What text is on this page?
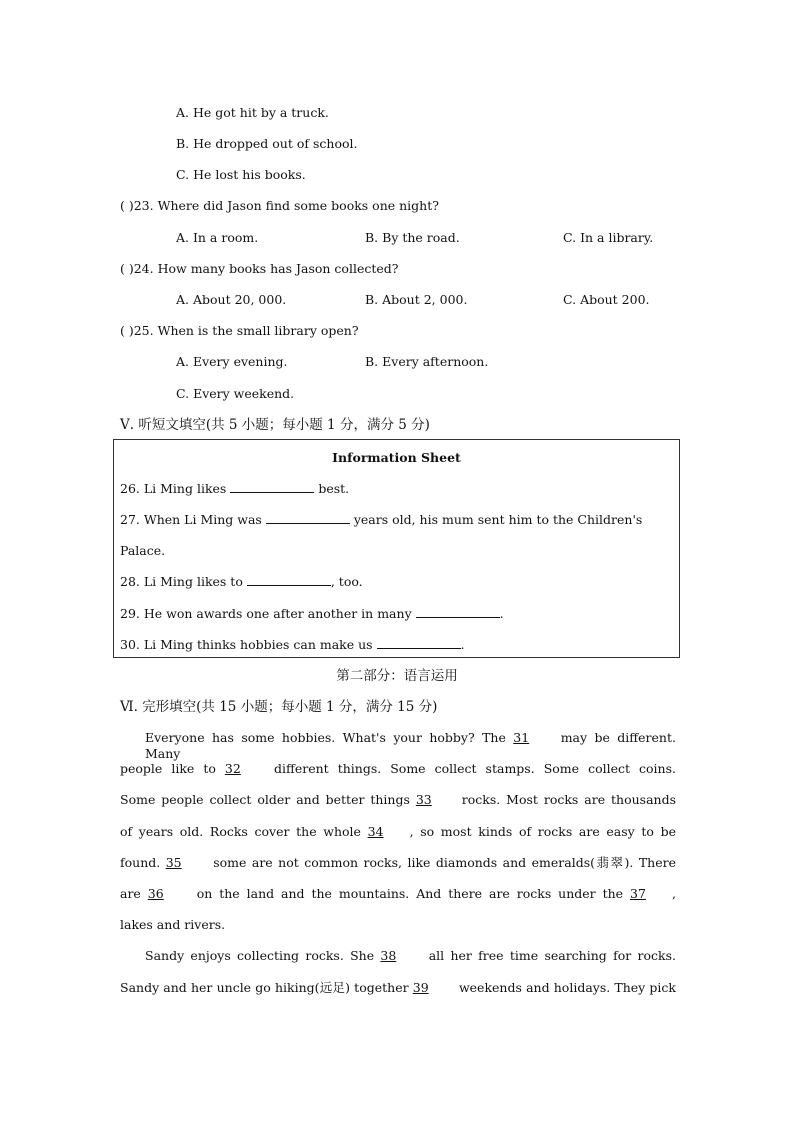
A. He got hit by a truck.
B. He dropped out of school.
C. He lost his books.
( )23. Where did Jason find some books one night?
A. In a room.	B. By the road.	C. In a library.
( )24. How many books has Jason collected?
A. About 20, 000.	B. About 2, 000.	C. About 200.
( )25. When is the small library open?
A. Every evening.	B. Every afternoon.
C. Every weekend.
Ⅴ. 听短文填空(共 5 小题；每小题 1 分，满分 5 分)
Information Sheet
26. Li Ming likes	best.
27. When Li Ming was	years old, his mum sent him to the Children's
Palace.
28. Li Ming likes to	, too.
29. He won awards one after another in many	.
30. Li Ming thinks hobbies can make us	.
第二部分：语言运用
Ⅵ. 完形填空(共 15 小题；每小题 1 分，满分 15 分)
Everyone has some hobbies. What's your hobby? The 31	may be different. Many
people like to 32	different things. Some collect stamps. Some collect coins.
Some people collect older and better things 33 rocks. Most rocks are thousands
of years old. Rocks cover the whole 34 , so most kinds of rocks are easy to be
found. 35	some are not common rocks, like diamonds and emeralds(翡翠). There
are 36	on the land and the mountains. And there are rocks under the 37 ,
lakes and rivers.
Sandy enjoys collecting rocks. She 38	all her free time searching for rocks.
Sandy and her uncle go hiking(远足) together 39 weekends and holidays. They pick
